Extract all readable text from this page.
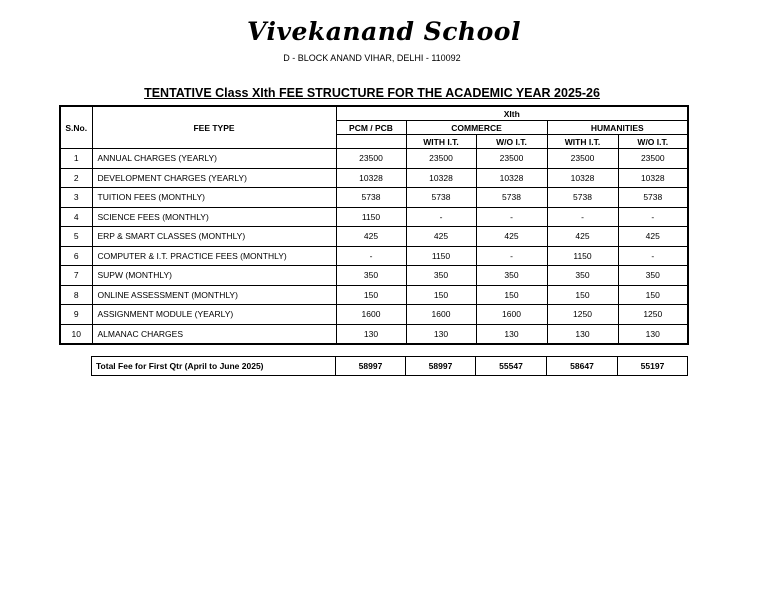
Vivekanand School
D - BLOCK ANAND VIHAR, DELHI - 110092
TENTATIVE Class XIth FEE STRUCTURE FOR THE ACADEMIC YEAR 2025-26
S.No.	FEE TYPE	XIth				
		PCM / PCB	COMMERCE		HUMANITIES	
			WITH I.T.	W/O I.T.	WITH I.T.	W/O I.T.
1	ANNUAL CHARGES (YEARLY)	23500	23500	23500	23500	23500
2	DEVELOPMENT CHARGES (YEARLY)	10328	10328	10328	10328	10328
3	TUITION FEES (MONTHLY)	5738	5738	5738	5738	5738
4	SCIENCE FEES (MONTHLY)	1150	-	-	-	-
5	ERP & SMART CLASSES (MONTHLY)	425	425	425	425	425
6	COMPUTER & I.T. PRACTICE FEES (MONTHLY)	-	1150	-	1150	-
7	SUPW (MONTHLY)	350	350	350	350	350
8	ONLINE ASSESSMENT (MONTHLY)	150	150	150	150	150
9	ASSIGNMENT MODULE (YEARLY)	1600	1600	1600	1250	1250
10	ALMANAC CHARGES	130	130	130	130	130
Total Fee for First Qtr (April to June 2025)	58997	58997	55547	58647	55197
